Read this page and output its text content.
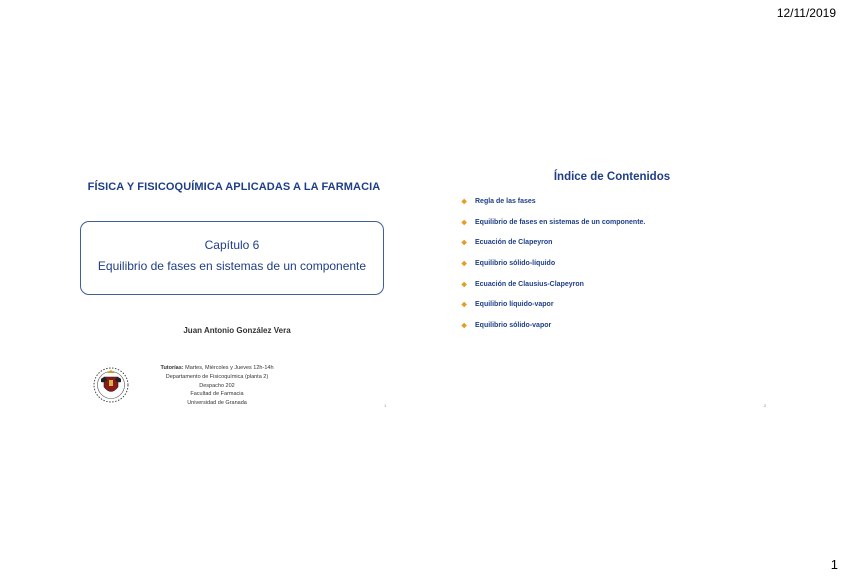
12/11/2019
FÍSICA Y FISICOQUÍMICA APLICADAS A LA FARMACIA
Capítulo 6
Equilibrio de fases en sistemas de un componente
Juan Antonio González Vera
Tutorías: Martes, Miércoles y Jueves 12h-14h
Departamento de Fisicoquímica (planta 2)
Despacho 202
Facultad de Farmacia
Universidad de Granada	1
Índice de Contenidos
❖ Regla de las fases
❖ Equilibrio de fases en sistemas de un componente.
❖ Ecuación de Clapeyron
❖ Equilibrio sólido-líquido
❖ Ecuación de Clausius-Clapeyron
❖ Equilibrio líquido-vapor
❖ Equilibrio sólido-vapor
2
1
